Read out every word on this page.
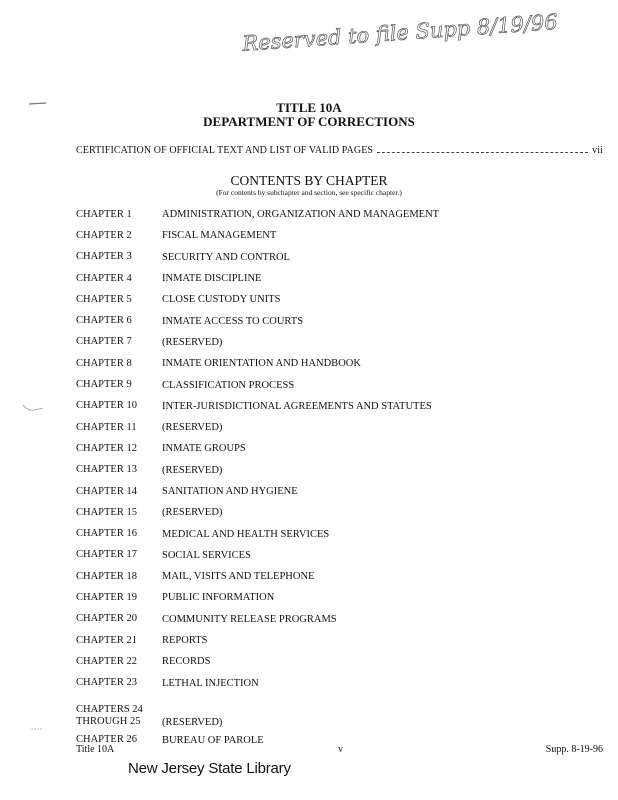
Reserved to file Supp 8/19/96
TITLE 10A
DEPARTMENT OF CORRECTIONS
CERTIFICATION OF OFFICIAL TEXT AND LIST OF VALID PAGES	vii
CONTENTS BY CHAPTER
(For contents by subchapter and section, see specific chapter.)
CHAPTER 1	ADMINISTRATION, ORGANIZATION AND MANAGEMENT
CHAPTER 2	FISCAL MANAGEMENT
CHAPTER 3	SECURITY AND CONTROL
CHAPTER 4	INMATE DISCIPLINE
CHAPTER 5	CLOSE CUSTODY UNITS
CHAPTER 6	INMATE ACCESS TO COURTS
CHAPTER 7	(RESERVED)
CHAPTER 8	INMATE ORIENTATION AND HANDBOOK
CHAPTER 9	CLASSIFICATION PROCESS
CHAPTER 10	INTER-JURISDICTIONAL AGREEMENTS AND STATUTES
CHAPTER 11	(RESERVED)
CHAPTER 12	INMATE GROUPS
CHAPTER 13	(RESERVED)
CHAPTER 14	SANITATION AND HYGIENE
CHAPTER 15	(RESERVED)
CHAPTER 16	MEDICAL AND HEALTH SERVICES
CHAPTER 17	SOCIAL SERVICES
CHAPTER 18	MAIL, VISITS AND TELEPHONE
CHAPTER 19	PUBLIC INFORMATION
CHAPTER 20	COMMUNITY RELEASE PROGRAMS
CHAPTER 21	REPORTS
CHAPTER 22	RECORDS
CHAPTER 23	LETHAL INJECTION
CHAPTERS 24
THROUGH 25	(RESERVED)
CHAPTER 26	BUREAU OF PAROLE
Title 10A	v	Supp. 8-19-96
New Jersey State Library
